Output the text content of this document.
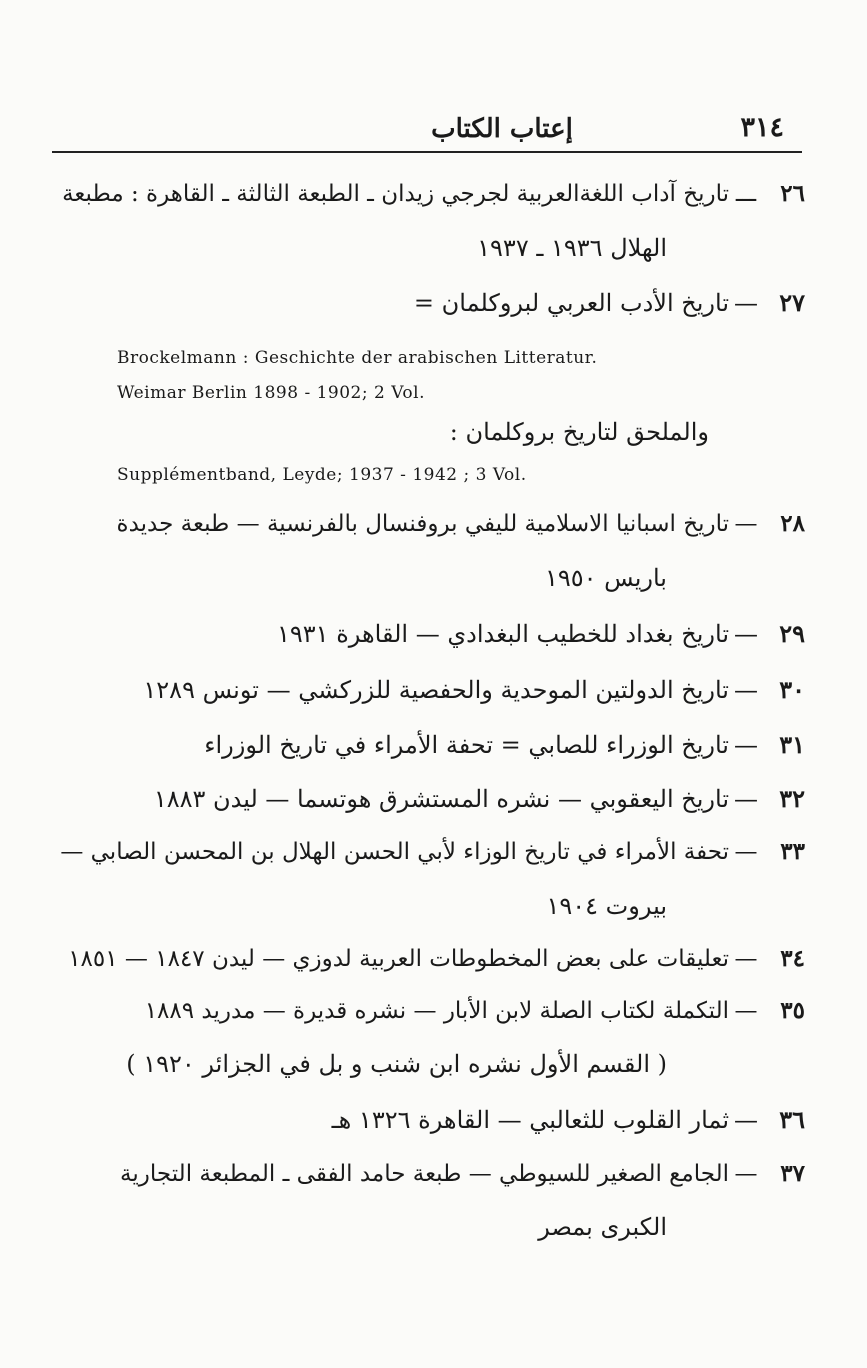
إعتاب الكتاب	٣١٤
٢٦ـــتاريخ آداب اللغةالعربية لجرجي زيدان ـ الطبعة الثالثة ـ القاهرة : مطبعة
الهلال ١٩٣٦ ـ ١٩٣٧
٢٧—تاريخ الأدب العربي لبروكلمان =
Brockelmann : Geschichte der arabischen Litteratur.
Weimar Berlin 1898 - 1902; 2 Vol.
والملحق لتاريخ بروكلمان :
Supplémentband, Leyde; 1937 - 1942 ; 3 Vol.
٢٨—تاريخ اسبانيا الاسلامية لليفي بروفنسال بالفرنسية — طبعة جديدة
باريس ١٩٥٠
٢٩—تاريخ بغداد للخطيب البغدادي — القاهرة ١٩٣١
٣٠—تاريخ الدولتين الموحدية والحفصية للزركشي — تونس ١٢٨٩
٣١—تاريخ الوزراء للصابي = تحفة الأمراء في تاريخ الوزراء
٣٢—تاريخ اليعقوبي — نشره المستشرق هوتسما — ليدن ١٨٨٣
٣٣—تحفة الأمراء في تاريخ الوزاء لأبي الحسن الهلال بن المحسن الصابي —
بيروت ١٩٠٤
٣٤—تعليقات على بعض المخطوطات العربية لدوزي — ليدن ١٨٤٧ — ١٨٥١
٣٥—التكملة لكتاب الصلة لابن الأبار — نشره قديرة — مدريد ١٨٨٩
( القسم الأول نشره ابن شنب و بل في الجزائر ١٩٢٠ )
٣٦—ثمار القلوب للثعالبي — القاهرة ١٣٢٦ هـ
٣٧—الجامع الصغير للسيوطي — طبعة حامد الفقى ـ المطبعة التجارية
الكبرى بمصر
